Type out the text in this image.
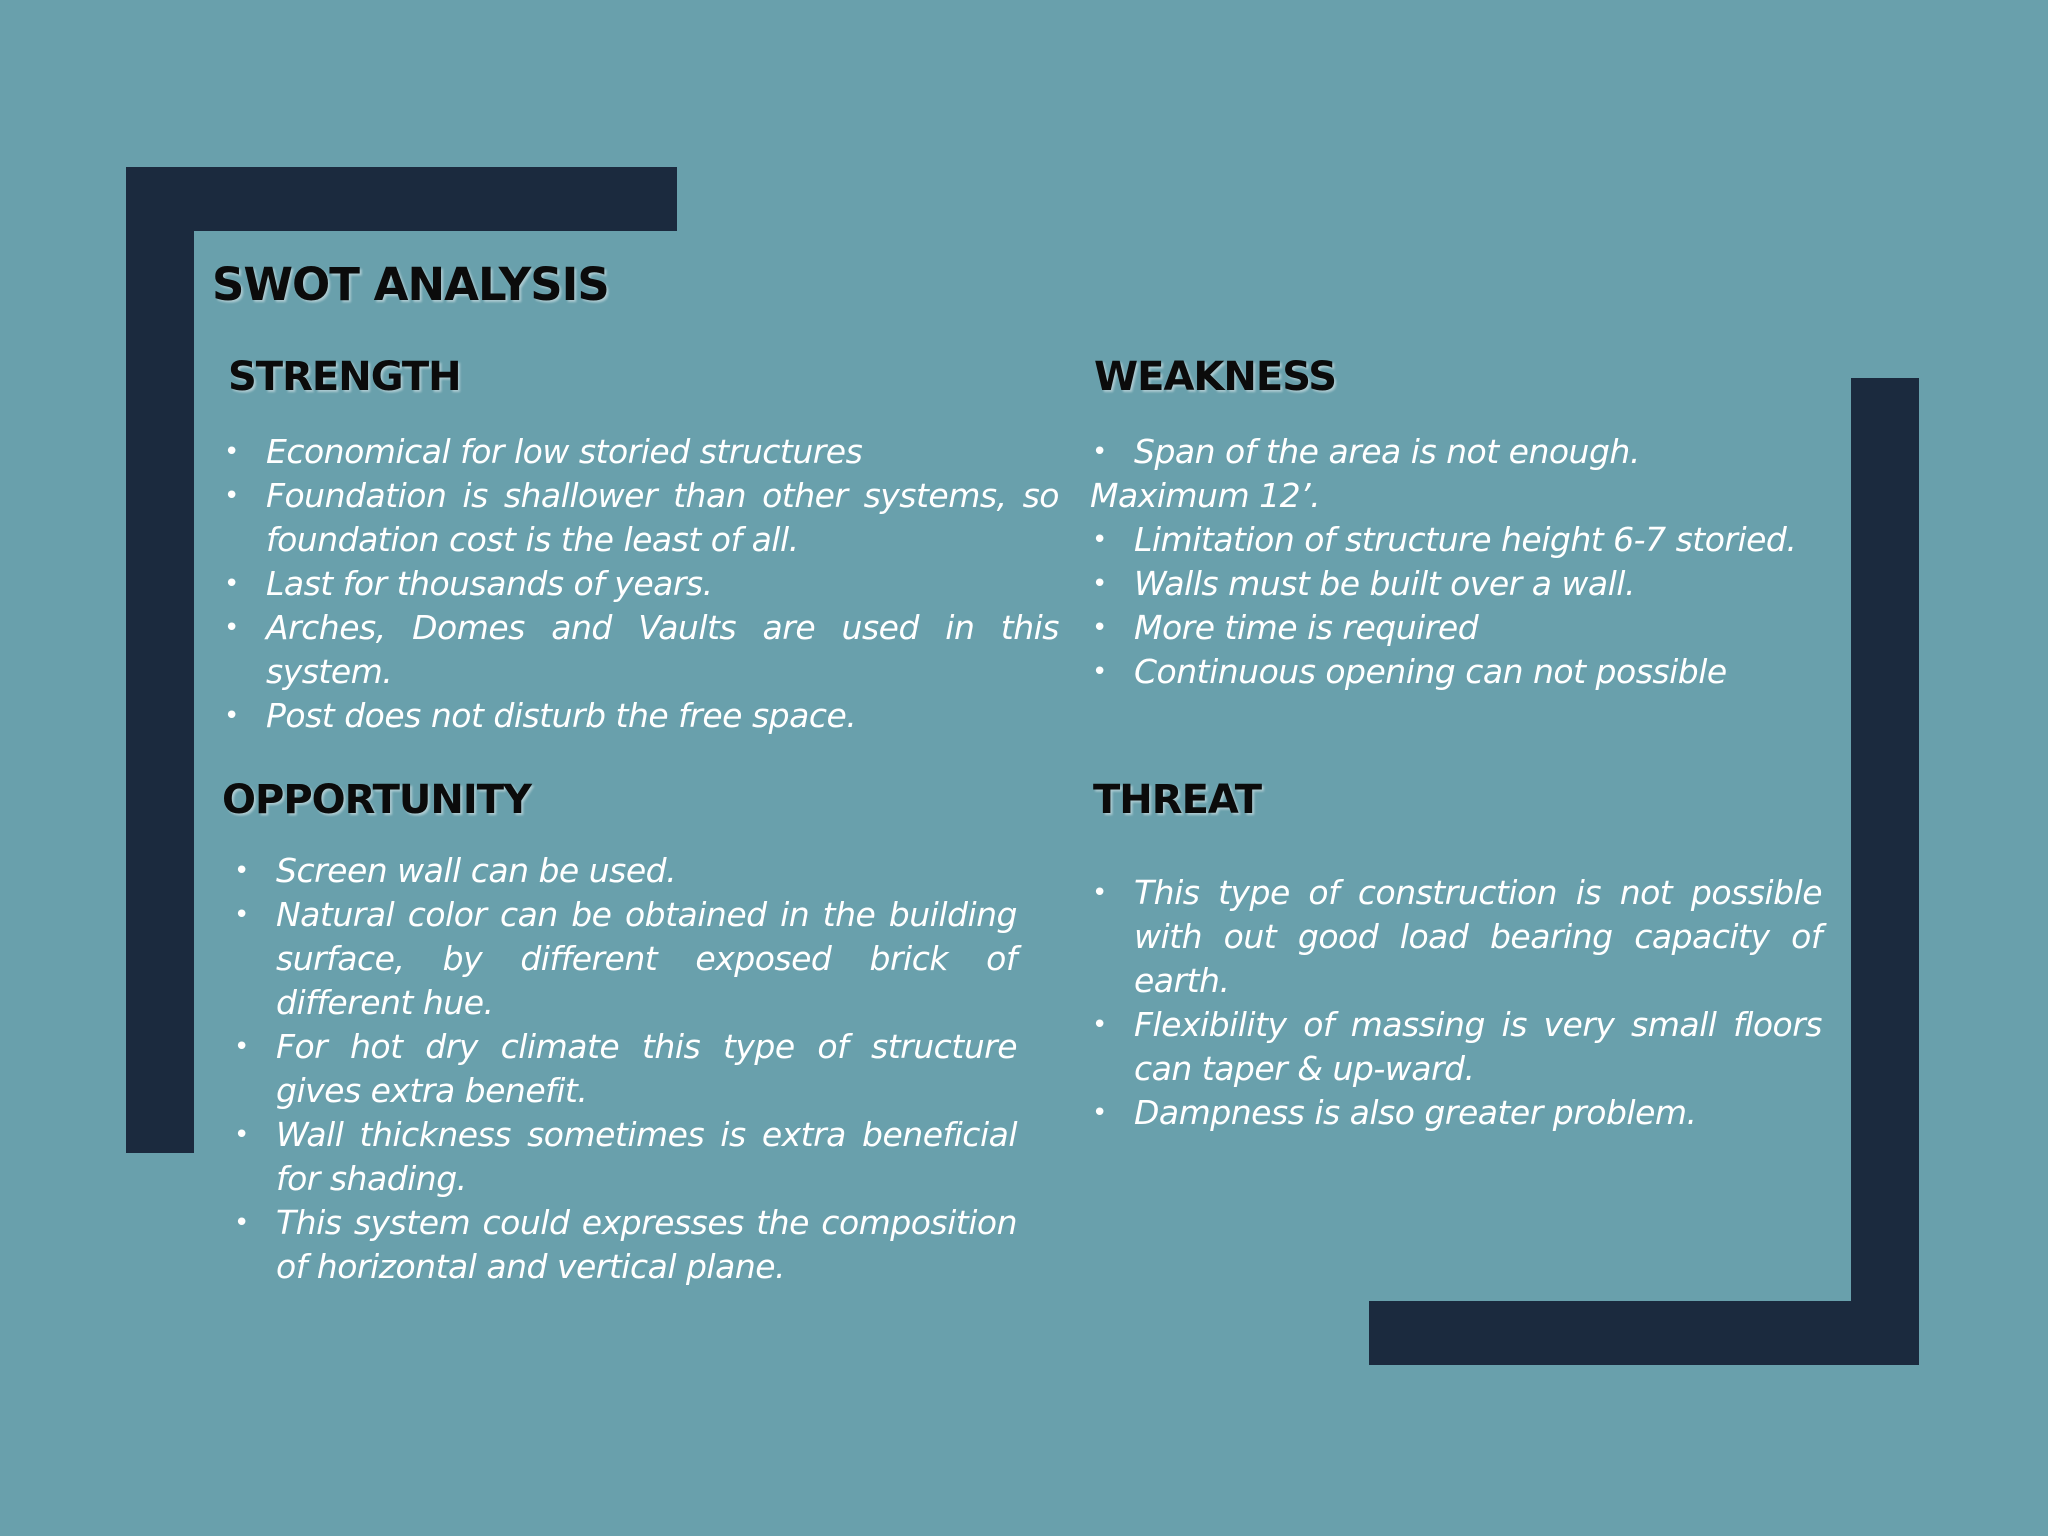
SWOT ANALYSIS
STRENGTH
• Economical for low storied structures
• Foundation is shallower than other systems, so foundation cost is the least of all.
• Last for thousands of years.
• Arches, Domes and Vaults are used in this system.
• Post does not disturb the free space.
WEAKNESS
• Span of the area is not enough.
Maximum 12’.
• Limitation of structure height 6-7 storied.
• Walls must be built over a wall.
• More time is required
• Continuous opening can not possible
OPPORTUNITY
• Screen wall can be used.
• Natural color can be obtained in the building surface, by different exposed brick of different hue.
• For hot dry climate this type of structure gives extra benefit.
• Wall thickness sometimes is extra beneficial for shading.
• This system could expresses the composition of horizontal and vertical plane.
THREAT
• This type of construction is not possible with out good load bearing capacity of earth.
• Flexibility of massing is very small floors can taper & up-ward.
• Dampness is also greater problem.
